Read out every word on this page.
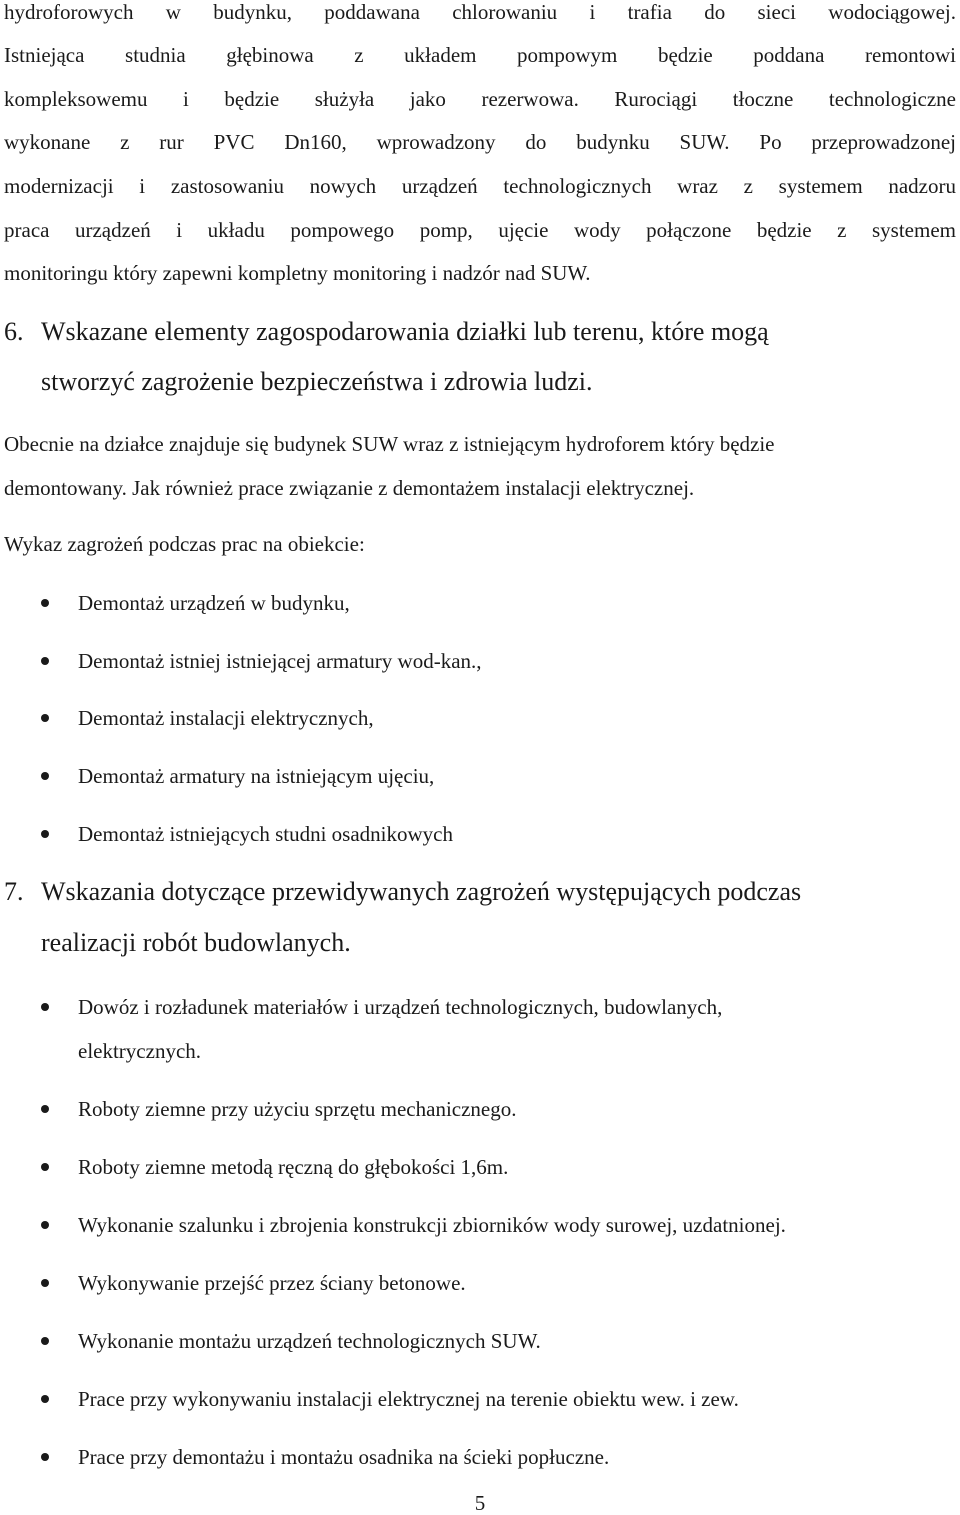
hydroforowych w budynku, poddawana chlorowaniu i trafia do sieci wodociągowej.
Istniejąca studnia głębinowa z układem pompowym będzie poddana remontowi
kompleksowemu i będzie służyła jako rezerwowa. Rurociągi tłoczne technologiczne
wykonane z rur PVC Dn160, wprowadzony do budynku SUW. Po przeprowadzonej
modernizacji i zastosowaniu nowych urządzeń technologicznych wraz z systemem nadzoru
praca urządzeń i układu pompowego pomp, ujęcie wody połączone będzie z systemem
monitoringu który zapewni kompletny monitoring i nadzór nad SUW.
6. Wskazane elementy zagospodarowania działki lub terenu, które mogą
stworzyć zagrożenie bezpieczeństwa i zdrowia ludzi.
Obecnie na działce znajduje się budynek SUW wraz z istniejącym hydroforem który będzie
demontowany. Jak również prace związanie z demontażem instalacji elektrycznej.
Wykaz zagrożeń podczas prac na obiekcie:
Demontaż urządzeń w budynku,
Demontaż istniej istniejącej armatury wod-kan.,
Demontaż instalacji elektrycznych,
Demontaż armatury na istniejącym ujęciu,
Demontaż istniejących studni osadnikowych
7. Wskazania dotyczące przewidywanych zagrożeń występujących podczas
realizacji robót budowlanych.
Dowóz i rozładunek materiałów i urządzeń technologicznych, budowlanych,
elektrycznych.
Roboty ziemne przy użyciu sprzętu mechanicznego.
Roboty ziemne metodą ręczną do głębokości 1,6m.
Wykonanie szalunku i zbrojenia konstrukcji zbiorników wody surowej, uzdatnionej.
Wykonywanie przejść przez ściany betonowe.
Wykonanie montażu urządzeń technologicznych SUW.
Prace przy wykonywaniu instalacji elektrycznej na terenie obiektu wew. i zew.
Prace przy demontażu i montażu osadnika na ścieki popłuczne.
5
